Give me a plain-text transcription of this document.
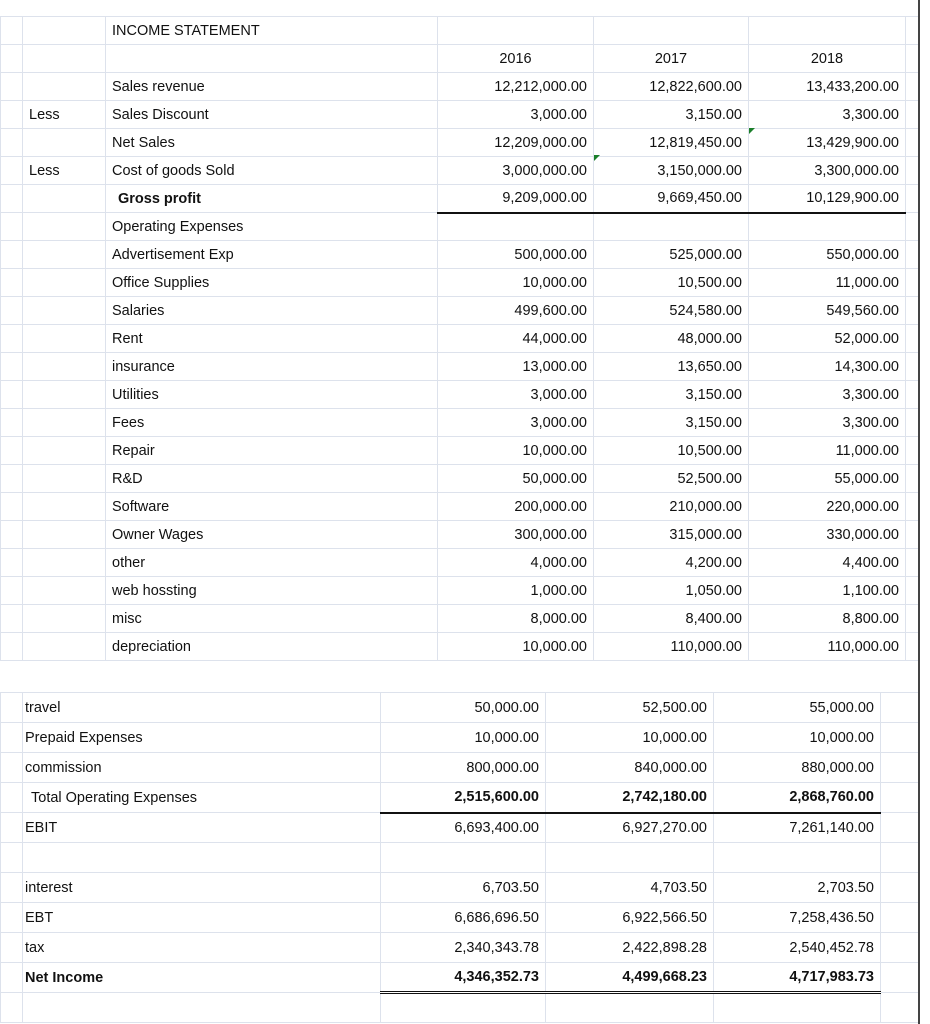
		INCOME STATEMENT				
			2016	2017	2018	
		Sales revenue	12,212,000.00	12,822,600.00	13,433,200.00	
	Less	Sales Discount	3,000.00	3,150.00	3,300.00	
		Net Sales	12,209,000.00	12,819,450.00	13,429,900.00	
	Less	Cost of goods Sold	3,000,000.00	3,150,000.00	3,300,000.00	
		Gross profit	9,209,000.00	9,669,450.00	10,129,900.00	
		Operating Expenses				
		Advertisement Exp	500,000.00	525,000.00	550,000.00	
		Office Supplies	10,000.00	10,500.00	11,000.00	
		Salaries	499,600.00	524,580.00	549,560.00	
		Rent	44,000.00	48,000.00	52,000.00	
		insurance	13,000.00	13,650.00	14,300.00	
		Utilities	3,000.00	3,150.00	3,300.00	
		Fees	3,000.00	3,150.00	3,300.00	
		Repair	10,000.00	10,500.00	11,000.00	
		R&D	50,000.00	52,500.00	55,000.00	
		Software	200,000.00	210,000.00	220,000.00	
		Owner Wages	300,000.00	315,000.00	330,000.00	
		other	4,000.00	4,200.00	4,400.00	
		web hossting	1,000.00	1,050.00	1,100.00	
		misc	8,000.00	8,400.00	8,800.00	
		depreciation	10,000.00	110,000.00	110,000.00	
	travel	50,000.00	52,500.00	55,000.00	
	Prepaid Expenses	10,000.00	10,000.00	10,000.00	
	commission	800,000.00	840,000.00	880,000.00	
	Total Operating Expenses	2,515,600.00	2,742,180.00	2,868,760.00	
	EBIT	6,693,400.00	6,927,270.00	7,261,140.00	

	interest	6,703.50	4,703.50	2,703.50	
	EBT	6,686,696.50	6,922,566.50	7,258,436.50	
	tax	2,340,343.78	2,422,898.28	2,540,452.78	
	Net Income	4,346,352.73	4,499,668.23	4,717,983.73	
